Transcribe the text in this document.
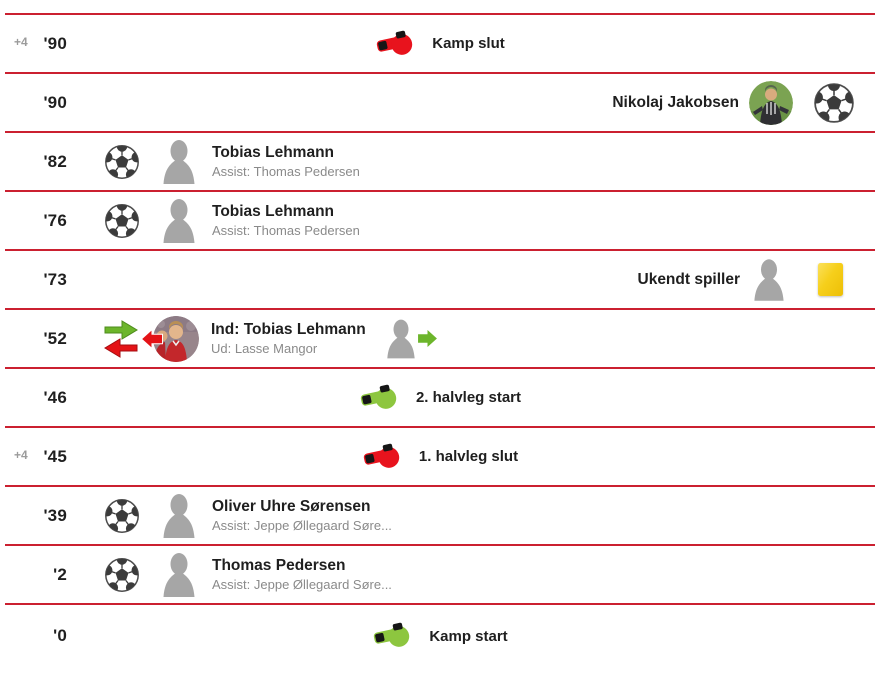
+4 '90	Kamp slut
'90	Nikolaj Jakobsen
'82	Tobias Lehmann
Assist: Thomas Pedersen
'76	Tobias Lehmann
Assist: Thomas Pedersen
'73	Ukendt spiller
'52	Ind: Tobias Lehmann
Ud: Lasse Mangor
'46	2. halvleg start
+4 '45	1. halvleg slut
'39	Oliver Uhre Sørensen
Assist: Jeppe Øllegaard Søre...
'2	Thomas Pedersen
Assist: Jeppe Øllegaard Søre...
'0	Kamp start
